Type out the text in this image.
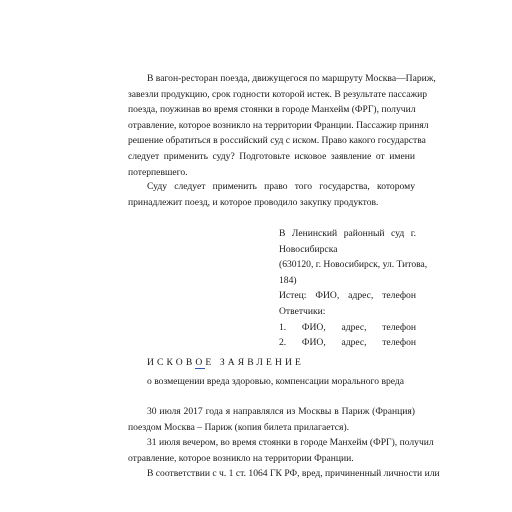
В вагон-ресторан поезда, движущегося по маршруту Москва—Париж,
завезли продукцию, срок годности которой истек. В результате пассажир
поезда, поужинав во время стоянки в городе Манхейм (ФРГ), получил
отравление, которое возникло на территории Франции. Пассажир принял
решение обратиться в российский суд с иском. Право какого государства
следует применить суду? Подготовьте исковое заявление от имени
потерпевшего.
Суду следует применить право того государства, которому
принадлежит поезд, и которое проводило закупку продуктов.
В Ленинский районный суд г.
Новосибирска
(630120, г. Новосибирск, ул. Титова,
184)
Истец: ФИО, адрес, телефон
Ответчики:
1. ФИО, адрес, телефон
2. ФИО, адрес, телефон
ИСКОВОЕ ЗАЯВЛЕНИЕ
о возмещении вреда здоровью, компенсации морального вреда
30 июля 2017 года я направлялся из Москвы в Париж (Франция)
поездом Москва – Париж (копия билета прилагается).
31 июля вечером, во время стоянки в городе Манхейм (ФРГ), получил
отравление, которое возникло на территории Франции.
В соответствии с ч. 1 ст. 1064 ГК РФ, вред, причиненный личности или
